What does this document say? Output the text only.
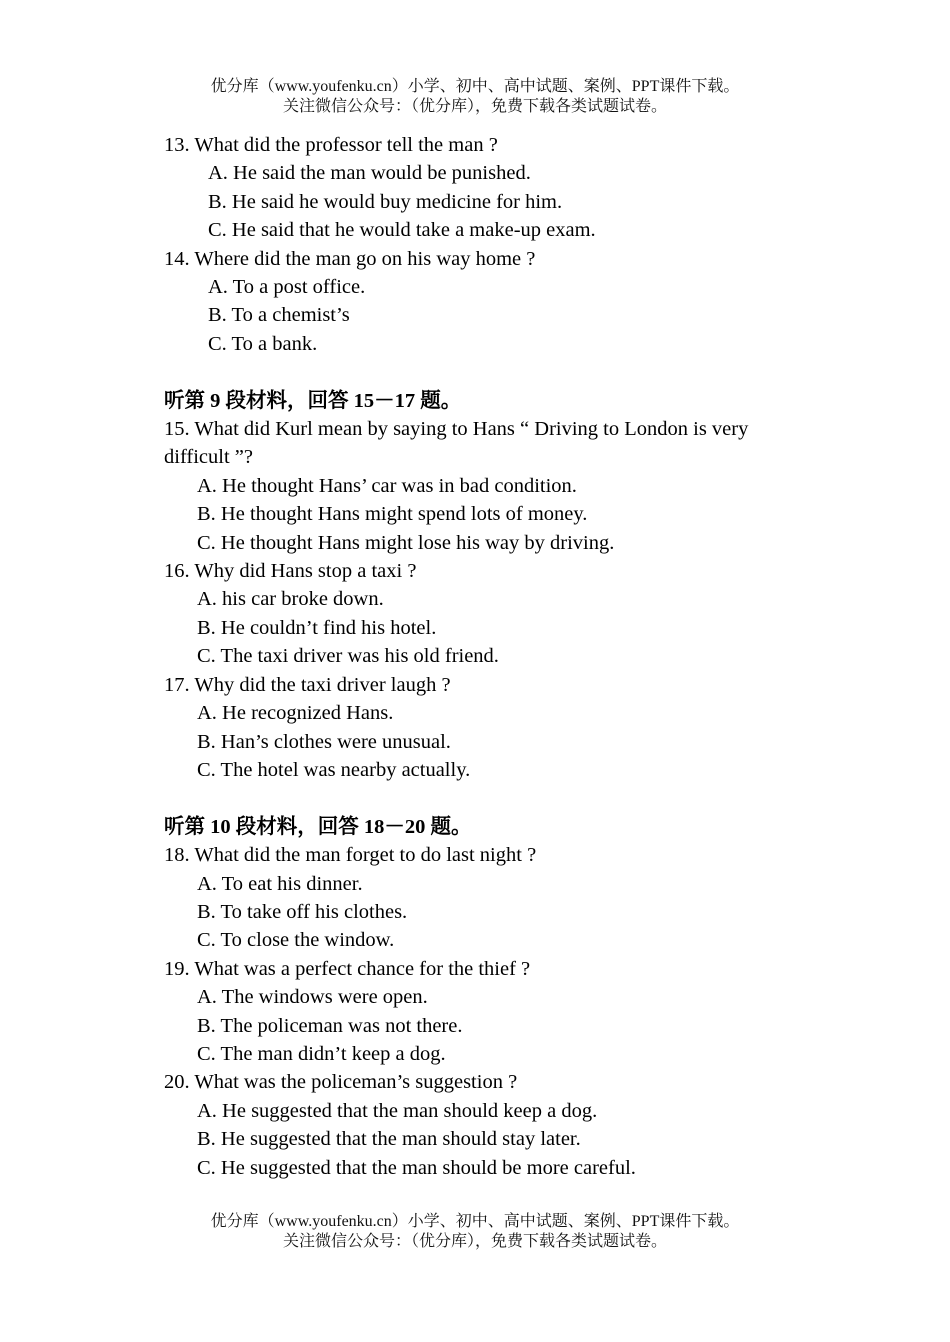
优分库（www.youfenku.cn）小学、初中、高中试题、案例、PPT课件下载。
关注微信公众号：（优分库），免费下载各类试题试卷。

13. What did the professor tell the man ?

A. He said the man would be punished.

B. He said he would buy medicine for him.

C. He said that he would take a make-up exam.

14. Where did the man go on his way home ?

A. To a post office.

B. To a chemist’s

C. To a bank.

听第 9 段材料，回答 15－17 题。

15. What did Kurl mean by saying to Hans “ Driving to London is very difficult ”?

A. He thought Hans’ car was in bad condition.

B. He thought Hans might spend lots of money.

C. He thought Hans might lose his way by driving.

16. Why did Hans stop a taxi ?

A. his car broke down.

B. He couldn’t find his hotel.

C. The taxi driver was his old friend.

17. Why did the taxi driver laugh ?

A. He recognized Hans.

B. Han’s clothes were unusual.

C. The hotel was nearby actually.

听第 10 段材料，回答 18－20 题。

18. What did the man forget to do last night ?

A. To eat his dinner.

B. To take off his clothes.

C. To close the window.

19. What was a perfect chance for the thief ?

A. The windows were open.

B. The policeman was not there.

C. The man didn’t keep a dog.

20. What was the policeman’s suggestion ?

A. He suggested that the man should keep a dog.

B. He suggested that the man should stay later.

C. He suggested that the man should be more careful.

优分库（www.youfenku.cn）小学、初中、高中试题、案例、PPT课件下载。
关注微信公众号：（优分库），免费下载各类试题试卷。
